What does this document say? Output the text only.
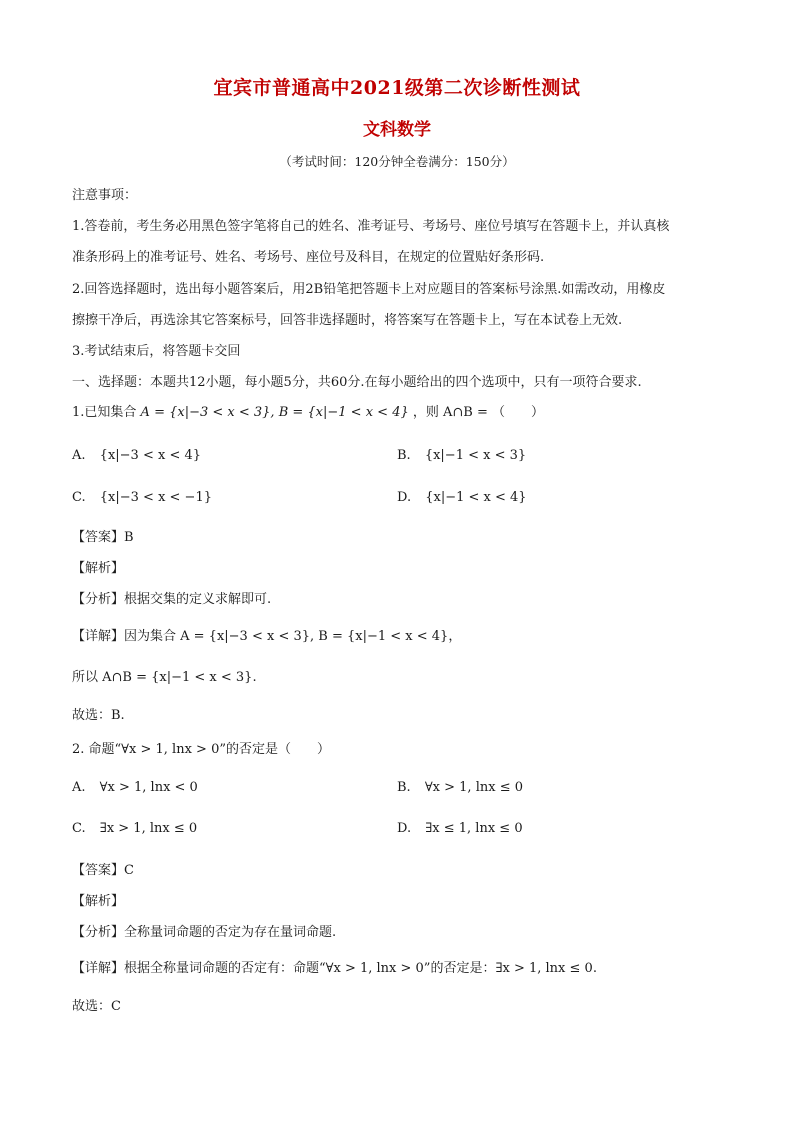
宜宾市普通高中2021级第二次诊断性测试
文科数学
（考试时间：120分钟全卷满分：150分）
注意事项：
1.答卷前，考生务必用黑色签字笔将自己的姓名、准考证号、考场号、座位号填写在答题卡上，并认真核
准条形码上的准考证号、姓名、考场号、座位号及科目，在规定的位置贴好条形码.
2.回答选择题时，选出每小题答案后，用2B铅笔把答题卡上对应题目的答案标号涂黑.如需改动，用橡皮
擦擦干净后，再选涂其它答案标号，回答非选择题时，将答案写在答题卡上，写在本试卷上无效.
3.考试结束后，将答题卡交回
一、选择题：本题共12小题，每小题5分，共60分.在每小题给出的四个选项中，只有一项符合要求.
1.已知集合 A = {x|−3 < x < 3}, B = {x|−1 < x < 4} ，则 A∩B = （　　）
A. {x|−3 < x < 4}	B. {x|−1 < x < 3}
C. {x|−3 < x < −1}	D. {x|−1 < x < 4}
【答案】B
【解析】
【分析】根据交集的定义求解即可.
【详解】因为集合 A = {x|−3 < x < 3}, B = {x|−1 < x < 4}，
所以 A∩B = {x|−1 < x < 3}.
故选：B.
2. 命题“∀x > 1, lnx > 0”的否定是（　　）
A. ∀x > 1, lnx < 0	B. ∀x > 1, lnx ≤ 0
C. ∃x > 1, lnx ≤ 0	D. ∃x ≤ 1, lnx ≤ 0
【答案】C
【解析】
【分析】全称量词命题的否定为存在量词命题.
【详解】根据全称量词命题的否定有：命题“∀x > 1, lnx > 0”的否定是：∃x > 1, lnx ≤ 0.
故选：C
